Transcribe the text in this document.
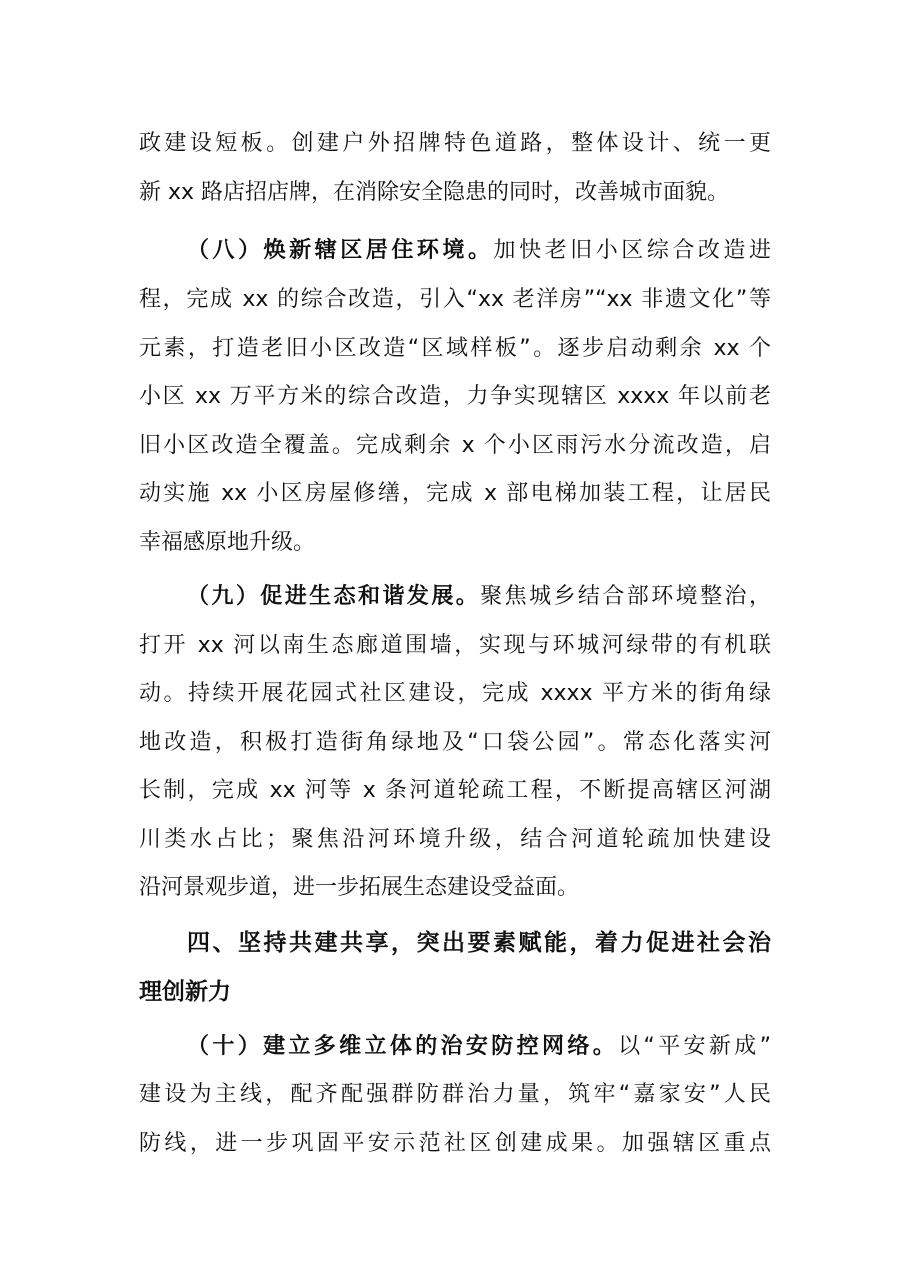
政建设短板。创建户外招牌特色道路，整体设计、统一更
新 xx 路店招店牌，在消除安全隐患的同时，改善城市面貌。
（八）焕新辖区居住环境。加快老旧小区综合改造进
程，完成 xx 的综合改造，引入“xx 老洋房”“xx 非遗文化”等
元素，打造老旧小区改造“区域样板”。逐步启动剩余 xx 个
小区 xx 万平方米的综合改造，力争实现辖区 xxxx 年以前老
旧小区改造全覆盖。完成剩余 x 个小区雨污水分流改造，启
动实施 xx 小区房屋修缮，完成 x 部电梯加装工程，让居民
幸福感原地升级。
（九）促进生态和谐发展。聚焦城乡结合部环境整治，
打开 xx 河以南生态廊道围墙，实现与环城河绿带的有机联
动。持续开展花园式社区建设，完成 xxxx 平方米的街角绿
地改造，积极打造街角绿地及“口袋公园”。常态化落实河
长制，完成 xx 河等 x 条河道轮疏工程，不断提高辖区河湖
川类水占比；聚焦沿河环境升级，结合河道轮疏加快建设
沿河景观步道，进一步拓展生态建设受益面。
四、坚持共建共享，突出要素赋能，着力促进社会治
理创新力
（十）建立多维立体的治安防控网络。以“平安新成”
建设为主线，配齐配强群防群治力量，筑牢“嘉家安”人民
防线，进一步巩固平安示范社区创建成果。加强辖区重点
